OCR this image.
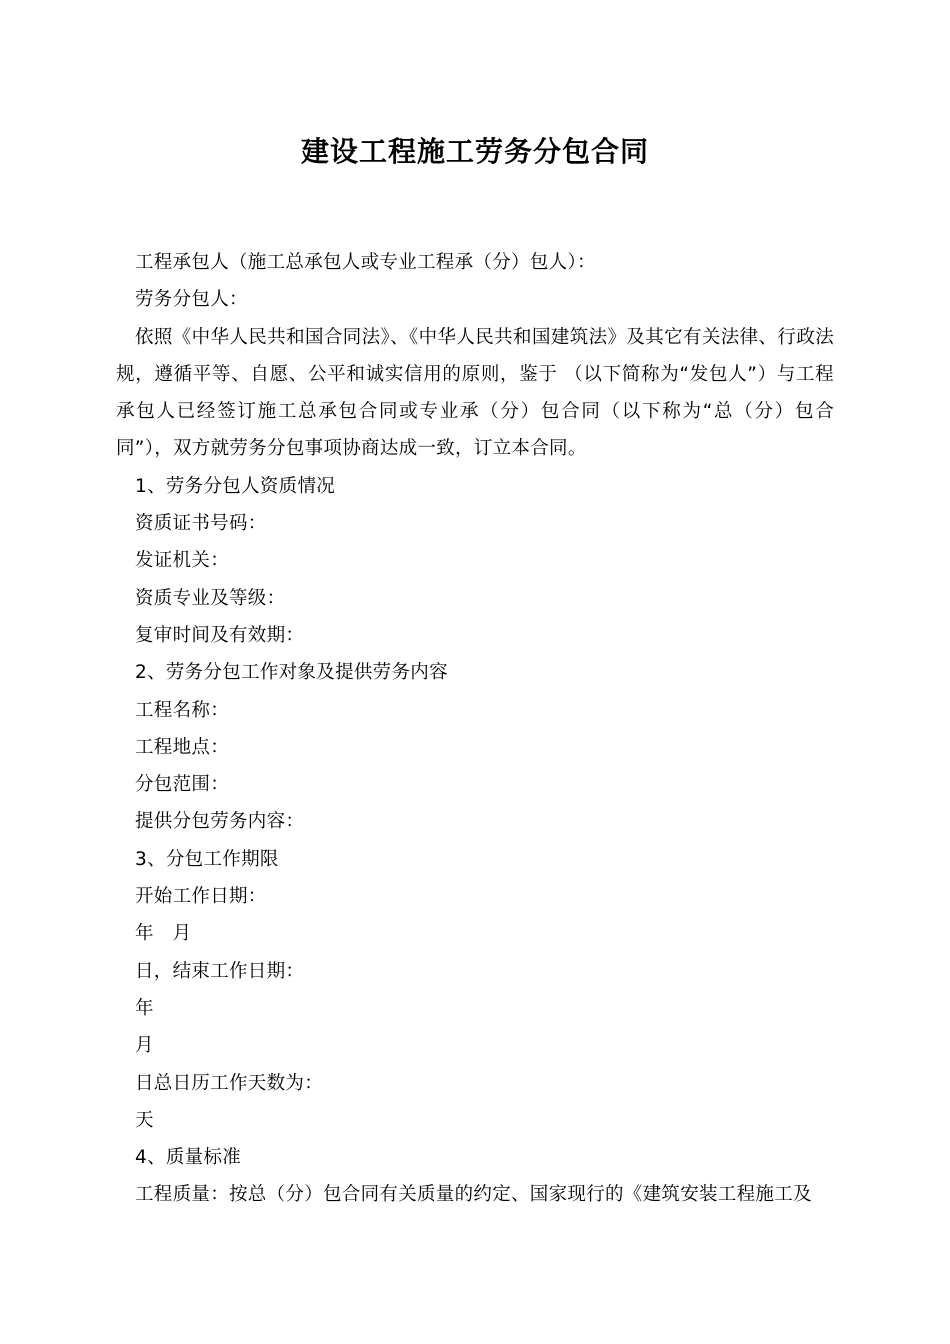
建设工程施工劳务分包合同

工程承包人（施工总承包人或专业工程承（分）包人）：

劳务分包人：

依照《中华人民共和国合同法》、《中华人民共和国建筑法》及其它有关法律、行政法规，遵循平等、自愿、公平和诚实信用的原则，鉴于 （以下简称为“发包人”）与工程承包人已经签订施工总承包合同或专业承（分）包合同（以下称为“总（分）包合同”），双方就劳务分包事项协商达成一致，订立本合同。

1、劳务分包人资质情况

资质证书号码：

发证机关：

资质专业及等级：

复审时间及有效期：

2、劳务分包工作对象及提供劳务内容

工程名称：

工程地点：

分包范围：

提供分包劳务内容：

3、分包工作期限

开始工作日期：

年　月

日，结束工作日期：

年

月

日总日历工作天数为：

天

4、质量标准

工程质量：按总（分）包合同有关质量的约定、国家现行的《建筑安装工程施工及
